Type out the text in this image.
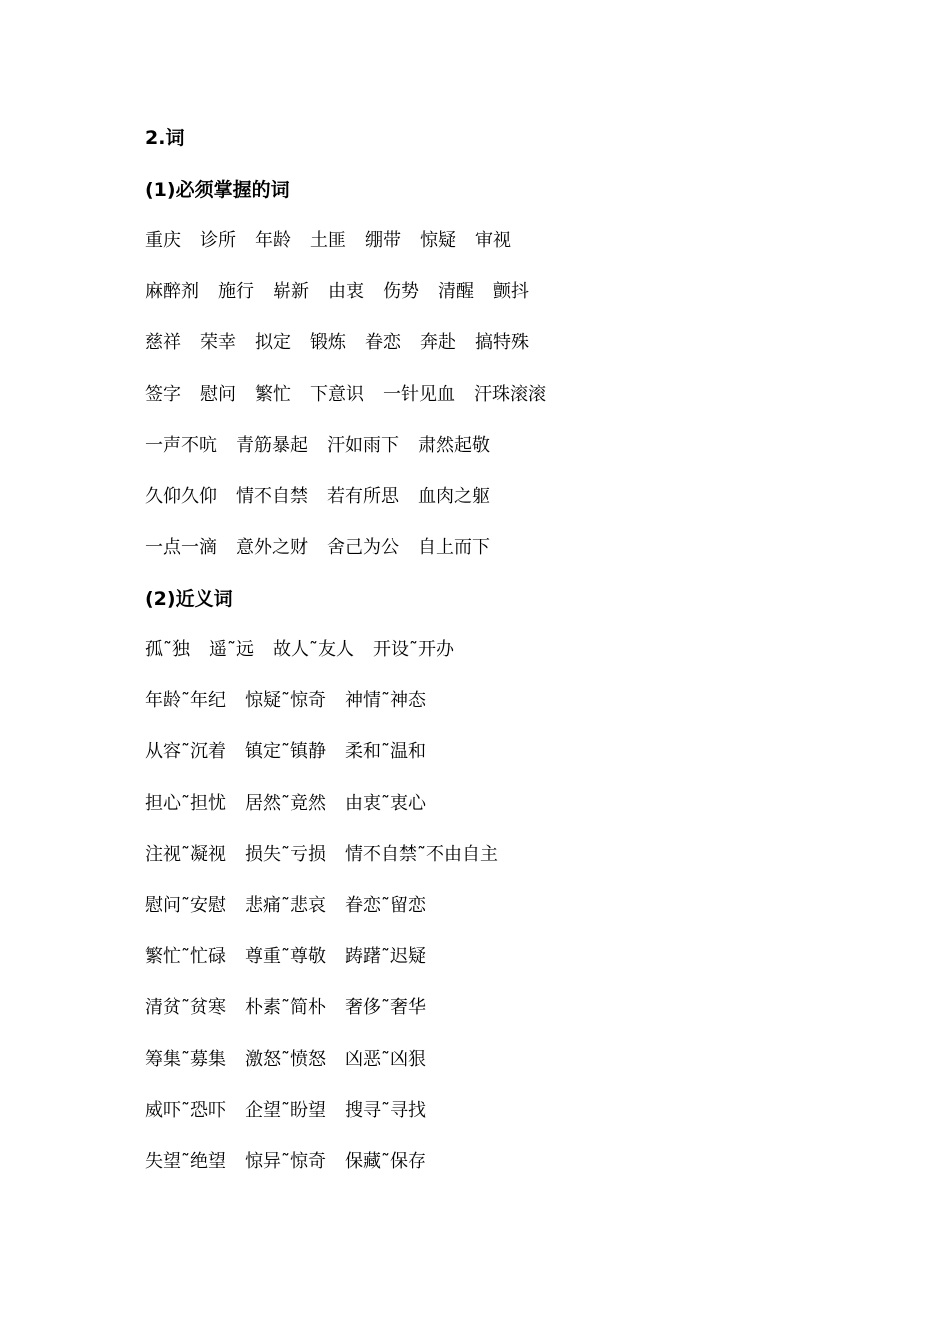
2.词
(1)必须掌握的词
重庆 诊所 年龄 土匪 绷带 惊疑 审视
麻醉剂 施行 崭新 由衷 伤势 清醒 颤抖
慈祥 荣幸 拟定 锻炼 眷恋 奔赴 搞特殊
签字 慰问 繁忙 下意识 一针见血 汗珠滚滚
一声不吭 青筋暴起 汗如雨下 肃然起敬
久仰久仰 情不自禁 若有所思 血肉之躯
一点一滴 意外之财 舍己为公 自上而下
(2)近义词
孤˜独 遥˜远 故人˜友人 开设˜开办
年龄˜年纪 惊疑˜惊奇 神情˜神态
从容˜沉着 镇定˜镇静 柔和˜温和
担心˜担忧 居然˜竟然 由衷˜衷心
注视˜凝视 损失˜亏损 情不自禁˜不由自主
慰问˜安慰 悲痛˜悲哀 眷恋˜留恋
繁忙˜忙碌 尊重˜尊敬 踌躇˜迟疑
清贫˜贫寒 朴素˜简朴 奢侈˜奢华
筹集˜募集 激怒˜愤怒 凶恶˜凶狠
威吓˜恐吓 企望˜盼望 搜寻˜寻找
失望˜绝望 惊异˜惊奇 保藏˜保存
